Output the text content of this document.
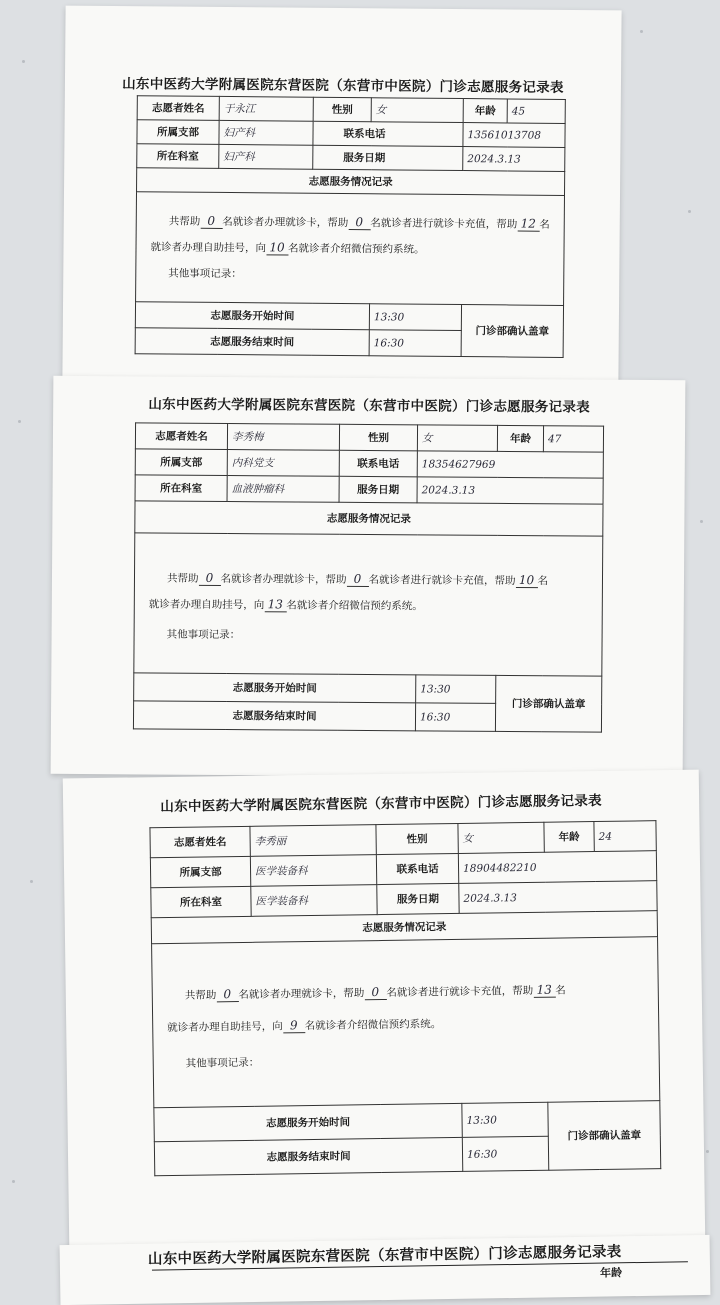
山东中医药大学附属医院东营医院（东营市中医院）门诊志愿服务记录表
志愿者姓名	于永江	性别	女	年龄	45
所属支部	妇产科	联系电话		13561013708	
所在科室	妇产科	服务日期		2024.3.13	
志愿服务情况记录					

共帮助 0 名就诊者办理就诊卡，帮助 0 名就诊者进行就诊卡充值，帮助 12 名
就诊者办理自助挂号，向 10 名就诊者介绍微信预约系统。
其他事项记录：					

志愿服务开始时间			13:30	门诊部确认盖章	
志愿服务结束时间			16:30		
山东中医药大学附属医院东营医院（东营市中医院）门诊志愿服务记录表
志愿者姓名	李秀梅	性别	女	年龄	47
所属支部	内科党支	联系电话	18354627969		
所在科室	血液肿瘤科	服务日期	2024.3.13		
志愿服务情况记录					

共帮助 0 名就诊者办理就诊卡，帮助 0 名就诊者进行就诊卡充值，帮助 10 名
就诊者办理自助挂号，向 13 名就诊者介绍微信预约系统。
其他事项记录：					

志愿服务开始时间			13:30	门诊部确认盖章	
志愿服务结束时间			16:30		
山东中医药大学附属医院东营医院（东营市中医院）门诊志愿服务记录表
志愿者姓名	李秀丽	性别	女	年龄	24
所属支部	医学装备科	联系电话	18904482210		
所在科室	医学装备科	服务日期	2024.3.13		
志愿服务情况记录					

共帮助 0 名就诊者办理就诊卡，帮助 0 名就诊者进行就诊卡充值，帮助 13 名
就诊者办理自助挂号，向 9 名就诊者介绍微信预约系统。
其他事项记录：					

志愿服务开始时间			13:30	门诊部确认盖章	
志愿服务结束时间			16:30		
山东中医药大学附属医院东营医院（东营市中医院）门诊志愿服务记录表
年龄
